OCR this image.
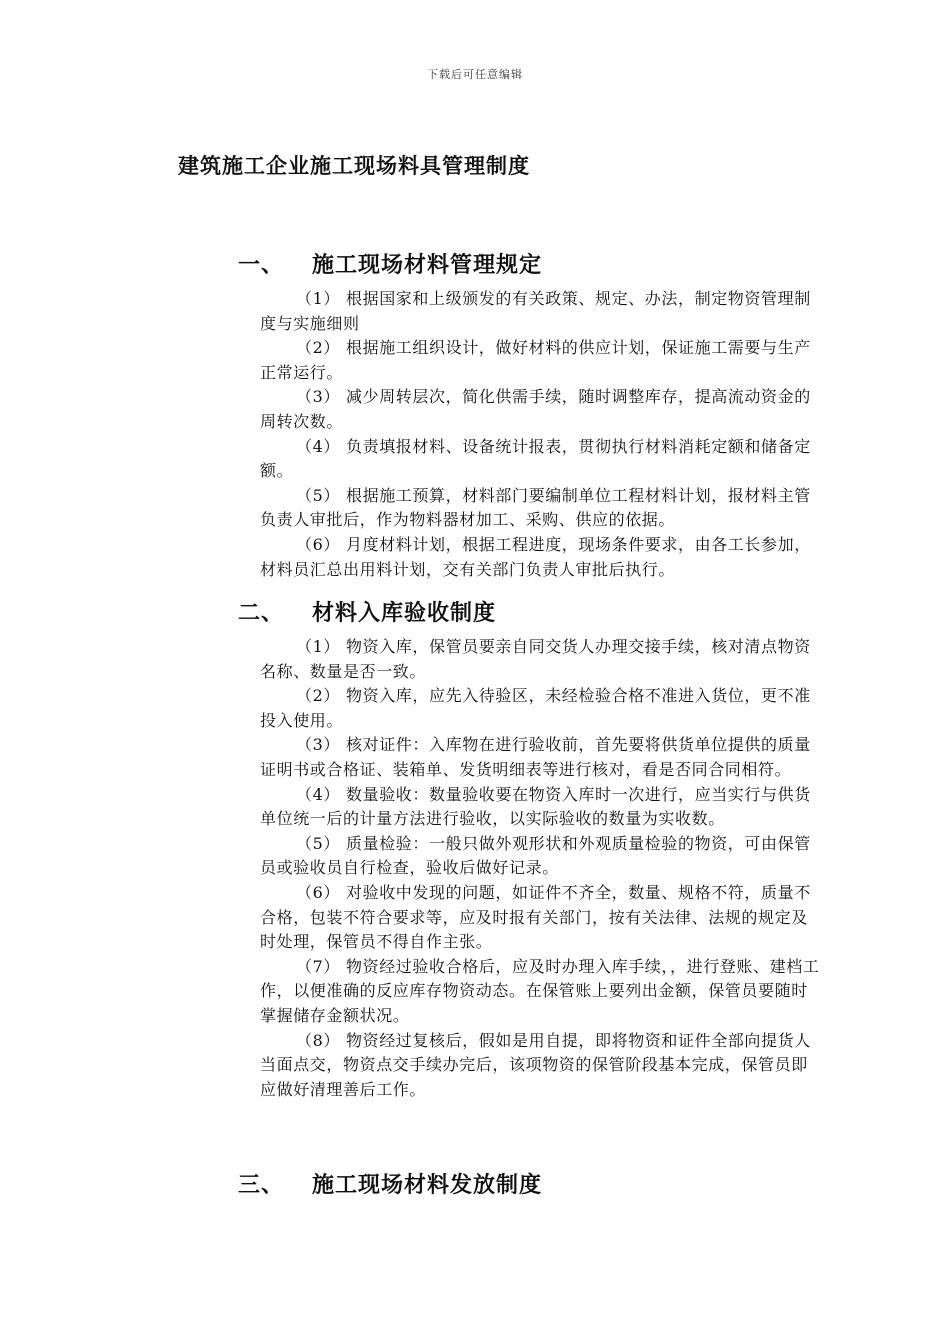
下载后可任意编辑
建筑施工企业施工现场料具管理制度
一、 施工现场材料管理规定

（1） 根据国家和上级颁发的有关政策、规定、办法，制定物资管理制度与实施细则

（2） 根据施工组织设计，做好材料的供应计划，保证施工需要与生产正常运行。

（3） 减少周转层次，简化供需手续，随时调整库存，提高流动资金的周转次数。

（4） 负责填报材料、设备统计报表，贯彻执行材料消耗定额和储备定额。

（5） 根据施工预算，材料部门要编制单位工程材料计划，报材料主管负责人审批后，作为物料器材加工、采购、供应的依据。

（6） 月度材料计划，根据工程进度，现场条件要求，由各工长参加，材料员汇总出用料计划，交有关部门负责人审批后执行。

二、 材料入库验收制度

（1） 物资入库，保管员要亲自同交货人办理交接手续，核对清点物资名称、数量是否一致。

（2） 物资入库，应先入待验区，未经检验合格不准进入货位，更不准投入使用。

（3） 核对证件：入库物在进行验收前，首先要将供货单位提供的质量证明书或合格证、装箱单、发货明细表等进行核对，看是否同合同相符。

（4） 数量验收：数量验收要在物资入库时一次进行，应当实行与供货单位统一后的计量方法进行验收，以实际验收的数量为实收数。

（5） 质量检验：一般只做外观形状和外观质量检验的物资，可由保管员或验收员自行检查，验收后做好记录。

（6） 对验收中发现的问题，如证件不齐全，数量、规格不符，质量不合格，包装不符合要求等，应及时报有关部门，按有关法律、法规的规定及时处理，保管员不得自作主张。

（7） 物资经过验收合格后，应及时办理入库手续，，进行登账、建档工作，以便准确的反应库存物资动态。在保管账上要列出金额，保管员要随时掌握储存金额状况。

（8） 物资经过复核后，假如是用自提，即将物资和证件全部向提货人当面点交，物资点交手续办完后，该项物资的保管阶段基本完成，保管员即应做好清理善后工作。

三、 施工现场材料发放制度
